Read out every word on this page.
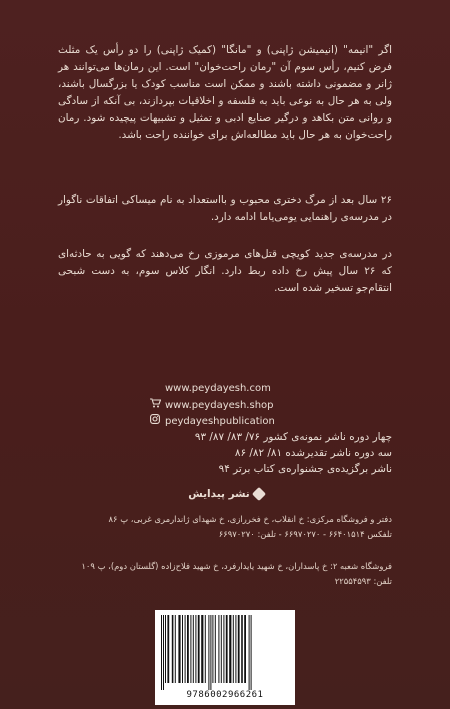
اگر "انیمه" (انیمیشن ژاپنی) و "مانگا" (کمیک ژاپنی) را دو رأس یک مثلث فرض کنیم، رأس سوم آن "رمان راحت‌خوان" است. این رمان‌ها می‌توانند هر ژانر و مضمونی داشته باشند و ممکن است مناسب کودک یا بزرگسال باشند، ولی به هر حال به نوعی باید به فلسفه و اخلاقیات بپردازند، بی آنکه از سادگی و روانی متن بکاهد و درگیر صنایع ادبی و تمثیل و تشبیهات پیچیده شود. رمان راحت‌خوان به هر حال باید مطالعه‌اش برای خواننده راحت باشد.
۲۶ سال بعد از مرگ دختری محبوب و بااستعداد به نام میساکی اتفاقات ناگوار در مدرسه‌ی راهنمایی یومی‌یاما ادامه دارد.
در مدرسه‌ی جدید کویچی قتل‌های مرموزی رخ می‌دهند که گویی به حادثه‌ای که ۲۶ سال پیش رخ داده ربط دارد. انگار کلاس سوم، به دست شبحی انتقام‌جو تسخیر شده است.
www.peydayesh.com
www.peydayesh.shop
peydayeshpublication
چهار دوره ناشر نمونه‌ی کشور ۷۶/ ۸۳/ ۸۷/ ۹۳
سه دوره ناشر تقدیرشده ۸۱/ ۸۲/ ۸۶
ناشر برگزیده‌ی جشنواره‌ی کتاب برتر ۹۴
نشر پیدایش
دفتر و فروشگاه مرکزی: خ انقلاب، خ فخررازی، خ شهدای ژاندارمری غربی، پ ۸۶
تلفکس ۶۶۴۰۱۵۱۴ - ۶۶۹۷۰۲۷۰ - تلفن: ۶۶۹۷۰۲۷۰
فروشگاه شعبه ۲: خ پاسداران، خ شهید یایدارفرد، خ شهید فلاح‌زاده (گلستان دوم)، پ ۱۰۹
تلفن: ۲۲۵۵۴۵۹۳
9786002966261
